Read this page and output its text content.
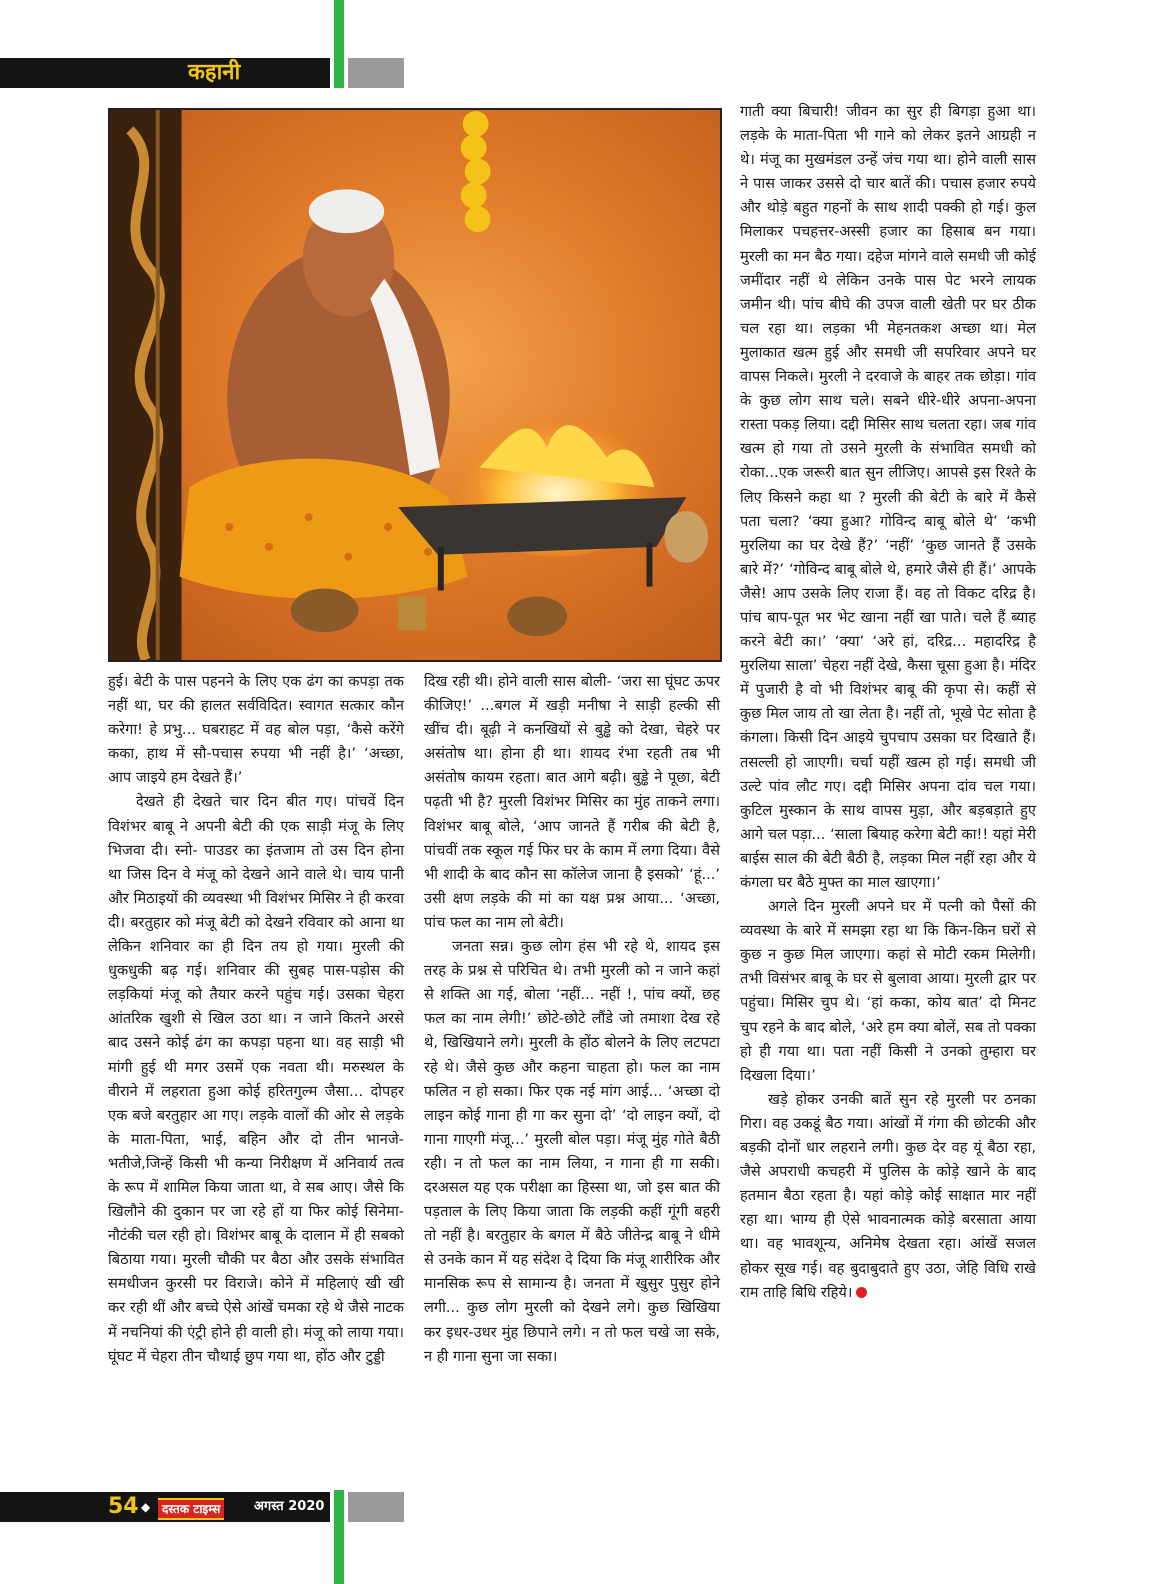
कहानी

हुई। बेटी के पास पहनने के लिए एक ढंग का कपड़ा तक नहीं था, घर की हालत सर्वविदित। स्वागत सत्कार कौन करेगा! हे प्रभु... घबराहट में वह बोल पड़ा, ‘कैसे करेंगे कका, हाथ में सौ-पचास रुपया भी नहीं है।’ ‘अच्छा, आप जाइये हम देखते हैं।’

देखते ही देखते चार दिन बीत गए। पांचवें दिन विशंभर बाबू ने अपनी बेटी की एक साड़ी मंजू के लिए भिजवा दी। स्नो- पाउडर का इंतजाम तो उस दिन होना था जिस दिन वे मंजू को देखने आने वाले थे। चाय पानी और मिठाइयों की व्यवस्था भी विशंभर मिसिर ने ही करवा दी। बरतुहार को मंजू बेटी को देखने रविवार को आना था लेकिन शनिवार का ही दिन तय हो गया। मुरली की धुकधुकी बढ़ गई। शनिवार की सुबह पास-पड़ोस की लड़कियां मंजू को तैयार करने पहुंच गई। उसका चेहरा आंतरिक खुशी से खिल उठा था। न जाने कितने अरसे बाद उसने कोई ढंग का कपड़ा पहना था। वह साड़ी भी मांगी हुई थी मगर उसमें एक नवता थी। मरुस्थल के वीराने में लहराता हुआ कोई हरितगुल्म जैसा... दोपहर एक बजे बरतुहार आ गए। लड़के वालों की ओर से लड़के के माता-पिता, भाई, बहिन और दो तीन भानजे-भतीजे,जिन्हें किसी भी कन्या निरीक्षण में अनिवार्य तत्व के रूप में शामिल किया जाता था, वे सब आए। जैसे कि खिलौने की दुकान पर जा रहे हों या फिर कोई सिनेमा-नौटंकी चल रही हो। विशंभर बाबू के दालान में ही सबको बिठाया गया। मुरली चौकी पर बैठा और उसके संभावित समधीजन कुरसी पर विराजे। कोने में महिलाएं खी खी कर रही थीं और बच्चे ऐसे आंखें चमका रहे थे जैसे नाटक में नचनियां की एंट्री होने ही वाली हो। मंजू को लाया गया। घूंघट में चेहरा तीन चौथाई छुप गया था, होंठ और टुड्डी

दिख रही थी। होने वाली सास बोली- ‘जरा सा घूंघट ऊपर कीजिए!’ ...बगल में खड़ी मनीषा ने साड़ी हल्की सी खींच दी। बूढ़ी ने कनखियों से बुड्ढे को देखा, चेहरे पर असंतोष था। होना ही था। शायद रंभा रहती तब भी असंतोष कायम रहता। बात आगे बढ़ी। बुड्ढे ने पूछा, बेटी पढ़ती भी है? मुरली विशंभर मिसिर का मुंह ताकने लगा। विशंभर बाबू बोले, ‘आप जानते हैं गरीब की बेटी है, पांचवीं तक स्कूल गई फिर घर के काम में लगा दिया। वैसे भी शादी के बाद कौन सा कॉलेज जाना है इसको’ ‘हूं...’ उसी क्षण लड़के की मां का यक्ष प्रश्न आया... ‘अच्छा, पांच फल का नाम लो बेटी।

जनता सन्न। कुछ लोग हंस भी रहे थे, शायद इस तरह के प्रश्न से परिचित थे। तभी मुरली को न जाने कहां से शक्ति आ गई, बोला ‘नहीं... नहीं !, पांच क्यों, छह फल का नाम लेगी!’ छोटे-छोटे लौंडे जो तमाशा देख रहे थे, खिखियाने लगे। मुरली के होंठ बोलने के लिए लटपटा रहे थे। जैसे कुछ और कहना चाहता हो। फल का नाम फलित न हो सका। फिर एक नई मांग आई... ‘अच्छा दो लाइन कोई गाना ही गा कर सुना दो’ ‘दो लाइन क्यों, दो गाना गाएगी मंजू...’ मुरली बोल पड़ा। मंजू मुंह गोते बैठी रही। न तो फल का नाम लिया, न गाना ही गा सकी। दरअसल यह एक परीक्षा का हिस्सा था, जो इस बात की पड़ताल के लिए किया जाता कि लड़की कहीं गूंगी बहरी तो नहीं है। बरतुहार के बगल में बैठे जीतेन्द्र बाबू ने धीमे से उनके कान में यह संदेश दे दिया कि मंजू शारीरिक और मानसिक रूप से सामान्य है। जनता में खुसुर पुसुर होने लगी... कुछ लोग मुरली को देखने लगे। कुछ खिखिया कर इधर-उधर मुंह छिपाने लगे। न तो फल चखे जा सके, न ही गाना सुना जा सका।

गाती क्या बिचारी! जीवन का सुर ही बिगड़ा हुआ था। लड़के के माता-पिता भी गाने को लेकर इतने आग्रही न थे। मंजू का मुखमंडल उन्हें जंच गया था। होने वाली सास ने पास जाकर उससे दो चार बातें की। पचास हजार रुपये और थोड़े बहुत गहनों के साथ शादी पक्की हो गई। कुल मिलाकर पचहत्तर-अस्सी हजार का हिसाब बन गया। मुरली का मन बैठ गया। दहेज मांगने वाले समधी जी कोई जमींदार नहीं थे लेकिन उनके पास पेट भरने लायक जमीन थी। पांच बीघे की उपज वाली खेती पर घर ठीक चल रहा था। लड़का भी मेहनतकश अच्छा था। मेल मुलाकात खत्म हुई और समधी जी सपरिवार अपने घर वापस निकले। मुरली ने दरवाजे के बाहर तक छोड़ा। गांव के कुछ लोग साथ चले। सबने धीरे-धीरे अपना-अपना रास्ता पकड़ लिया। दद्दी मिसिर साथ चलता रहा। जब गांव खत्म हो गया तो उसने मुरली के संभावित समधी को रोका...एक जरूरी बात सुन लीजिए। आपसे इस रिश्ते के लिए किसने कहा था ? मुरली की बेटी के बारे में कैसे पता चला? ‘क्या हुआ? गोविन्द बाबू बोले थे’ ‘कभी मुरलिया का घर देखे हैं?’ ‘नहीं’ ‘कुछ जानते हैं उसके बारे में?’ ‘गोविन्द बाबू बोले थे, हमारे जैसे ही हैं।’ आपके जैसे! आप उसके लिए राजा हैं। वह तो विकट दरिद्र है। पांच बाप-पूत भर भेट खाना नहीं खा पाते। चले हैं ब्याह करने बेटी का।’ ‘क्या’ ‘अरे हां, दरिद्र... महादरिद्र है मुरलिया साला’ चेहरा नहीं देखे, कैसा चूसा हुआ है। मंदिर में पुजारी है वो भी विशंभर बाबू की कृपा से। कहीं से कुछ मिल जाय तो खा लेता है। नहीं तो, भूखे पेट सोता है कंगला। किसी दिन आइये चुपचाप उसका घर दिखाते हैं। तसल्ली हो जाएगी। चर्चा यहीं खत्म हो गई। समधी जी उल्टे पांव लौट गए। दद्दी मिसिर अपना दांव चल गया। कुटिल मुस्कान के साथ वापस मुड़ा, और बड़बड़ाते हुए आगे चल पड़ा... ‘साला बियाह करेगा बेटी का!! यहां मेरी बाईस साल की बेटी बैठी है, लड़का मिल नहीं रहा और ये कंगला घर बैठे मुफ्त का माल खाएगा।’

अगले दिन मुरली अपने घर में पत्नी को पैसों की व्यवस्था के बारे में समझा रहा था कि किन-किन घरों से कुछ न कुछ मिल जाएगा। कहां से मोटी रकम मिलेगी। तभी विसंभर बाबू के घर से बुलावा आया। मुरली द्वार पर पहुंचा। मिसिर चुप थे। ‘हां कका, कोय बात’ दो मिनट चुप रहने के बाद बोले, ‘अरे हम क्या बोलें, सब तो पक्का हो ही गया था। पता नहीं किसी ने उनको तुम्हारा घर दिखला दिया।’

खड़े होकर उनकी बातें सुन रहे मुरली पर ठनका गिरा। वह उकडूं बैठ गया। आंखों में गंगा की छोटकी और बड़की दोनों धार लहराने लगी। कुछ देर वह यूं बैठा रहा, जैसे अपराधी कचहरी में पुलिस के कोड़े खाने के बाद हतमान बैठा रहता है। यहां कोड़े कोई साक्षात मार नहीं रहा था। भाग्य ही ऐसे भावनात्मक कोड़े बरसाता आया था। वह भावशून्य, अनिमेष देखता रहा। आंखें सजल होकर सूख गई। वह बुदाबुदाते हुए उठा, जेहि विधि राखे राम ताहि बिधि रहिये।

54 ◆ दस्तक टाइम्स	अगस्त 2020
